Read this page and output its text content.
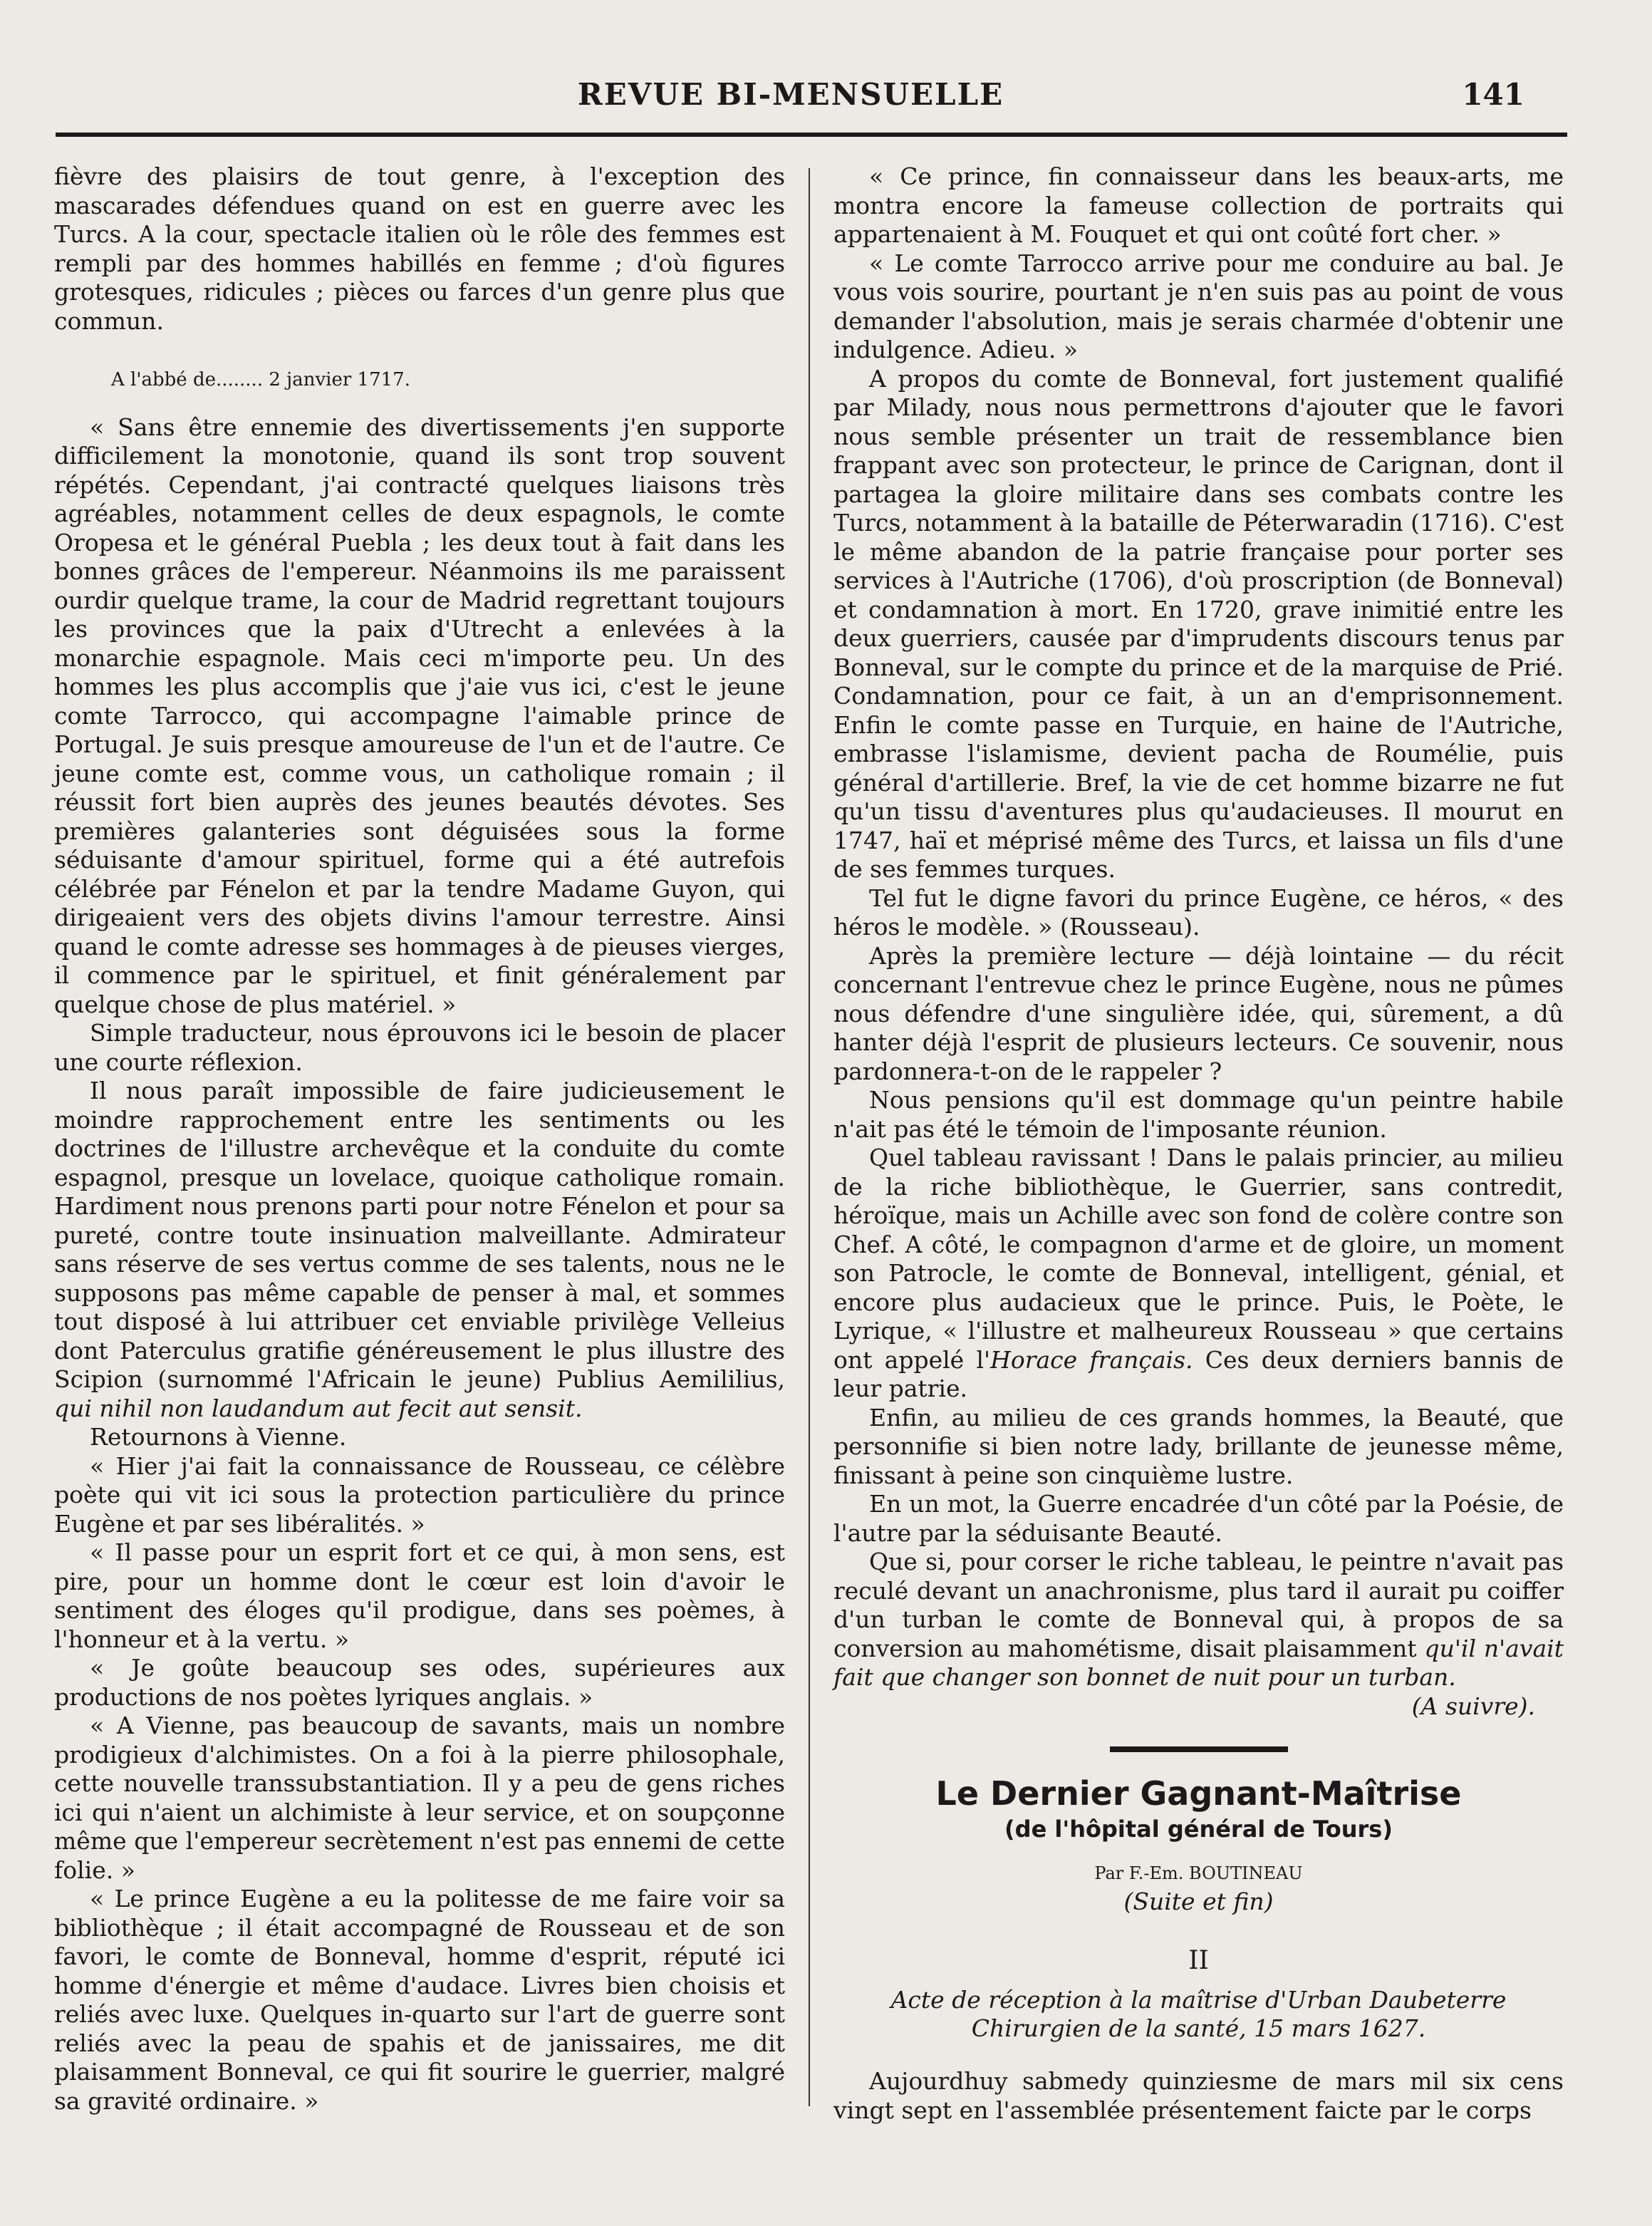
REVUE BI-MENSUELLE	141

fièvre des plaisirs de tout genre, à l'exception des mascarades défendues quand on est en guerre avec les Turcs. A la cour, spectacle italien où le rôle des femmes est rempli par des hommes habillés en femme ; d'où figures grotesques, ridicules ; pièces ou farces d'un genre plus que commun.

A l'abbé de........ 2 janvier 1717.

« Sans être ennemie des divertissements j'en supporte difficilement la monotonie, quand ils sont trop souvent répétés. Cependant, j'ai contracté quelques liaisons très agréables, notamment celles de deux espagnols, le comte Oropesa et le général Puebla ; les deux tout à fait dans les bonnes grâces de l'empereur. Néanmoins ils me paraissent ourdir quelque trame, la cour de Madrid regrettant toujours les provinces que la paix d'Utrecht a enlevées à la monarchie espagnole. Mais ceci m'importe peu. Un des hommes les plus accomplis que j'aie vus ici, c'est le jeune comte Tarrocco, qui accompagne l'aimable prince de Portugal. Je suis presque amoureuse de l'un et de l'autre. Ce jeune comte est, comme vous, un catholique romain ; il réussit fort bien auprès des jeunes beautés dévotes. Ses premières galanteries sont déguisées sous la forme séduisante d'amour spirituel, forme qui a été autrefois célébrée par Fénelon et par la tendre Madame Guyon, qui dirigeaient vers des objets divins l'amour terrestre. Ainsi quand le comte adresse ses hommages à de pieuses vierges, il commence par le spirituel, et finit généralement par quelque chose de plus matériel. »

Simple traducteur, nous éprouvons ici le besoin de placer une courte réflexion.

Il nous paraît impossible de faire judicieusement le moindre rapprochement entre les sentiments ou les doctrines de l'illustre archevêque et la conduite du comte espagnol, presque un lovelace, quoique catholique romain. Hardiment nous prenons parti pour notre Fénelon et pour sa pureté, contre toute insinuation malveillante. Admirateur sans réserve de ses vertus comme de ses talents, nous ne le supposons pas même capable de penser à mal, et sommes tout disposé à lui attribuer cet enviable privilège Velleius dont Paterculus gratifie généreusement le plus illustre des Scipion (surnommé l'Africain le jeune) Publius Aemililius, qui nihil non laudandum aut fecit aut sensit.

Retournons à Vienne.

« Hier j'ai fait la connaissance de Rousseau, ce célèbre poète qui vit ici sous la protection particulière du prince Eugène et par ses libéralités. »

« Il passe pour un esprit fort et ce qui, à mon sens, est pire, pour un homme dont le cœur est loin d'avoir le sentiment des éloges qu'il prodigue, dans ses poèmes, à l'honneur et à la vertu. »

« Je goûte beaucoup ses odes, supérieures aux productions de nos poètes lyriques anglais. »

« A Vienne, pas beaucoup de savants, mais un nombre prodigieux d'alchimistes. On a foi à la pierre philosophale, cette nouvelle transsubstantiation. Il y a peu de gens riches ici qui n'aient un alchimiste à leur service, et on soupçonne même que l'empereur secrètement n'est pas ennemi de cette folie. »

« Le prince Eugène a eu la politesse de me faire voir sa bibliothèque ; il était accompagné de Rousseau et de son favori, le comte de Bonneval, homme d'esprit, réputé ici homme d'énergie et même d'audace. Livres bien choisis et reliés avec luxe. Quelques in-quarto sur l'art de guerre sont reliés avec la peau de spahis et de janissaires, me dit plaisamment Bonneval, ce qui fit sourire le guerrier, malgré sa gravité ordinaire. »

« Ce prince, fin connaisseur dans les beaux-arts, me montra encore la fameuse collection de portraits qui appartenaient à M. Fouquet et qui ont coûté fort cher. »

« Le comte Tarrocco arrive pour me conduire au bal. Je vous vois sourire, pourtant je n'en suis pas au point de vous demander l'absolution, mais je serais charmée d'obtenir une indulgence. Adieu. »

A propos du comte de Bonneval, fort justement qualifié par Milady, nous nous permettrons d'ajouter que le favori nous semble présenter un trait de ressemblance bien frappant avec son protecteur, le prince de Carignan, dont il partagea la gloire militaire dans ses combats contre les Turcs, notamment à la bataille de Péterwaradin (1716). C'est le même abandon de la patrie française pour porter ses services à l'Autriche (1706), d'où proscription (de Bonneval) et condamnation à mort. En 1720, grave inimitié entre les deux guerriers, causée par d'imprudents discours tenus par Bonneval, sur le compte du prince et de la marquise de Prié. Condamnation, pour ce fait, à un an d'emprisonnement. Enfin le comte passe en Turquie, en haine de l'Autriche, embrasse l'islamisme, devient pacha de Roumélie, puis général d'artillerie. Bref, la vie de cet homme bizarre ne fut qu'un tissu d'aventures plus qu'audacieuses. Il mourut en 1747, haï et méprisé même des Turcs, et laissa un fils d'une de ses femmes turques.

Tel fut le digne favori du prince Eugène, ce héros, « des héros le modèle. » (Rousseau).

Après la première lecture — déjà lointaine — du récit concernant l'entrevue chez le prince Eugène, nous ne pûmes nous défendre d'une singulière idée, qui, sûrement, a dû hanter déjà l'esprit de plusieurs lecteurs. Ce souvenir, nous pardonnera-t-on de le rappeler ?

Nous pensions qu'il est dommage qu'un peintre habile n'ait pas été le témoin de l'imposante réunion.

Quel tableau ravissant ! Dans le palais princier, au milieu de la riche bibliothèque, le Guerrier, sans contredit, héroïque, mais un Achille avec son fond de colère contre son Chef. A côté, le compagnon d'arme et de gloire, un moment son Patrocle, le comte de Bonneval, intelligent, génial, et encore plus audacieux que le prince. Puis, le Poète, le Lyrique, « l'illustre et malheureux Rousseau » que certains ont appelé l'Horace français. Ces deux derniers bannis de leur patrie.

Enfin, au milieu de ces grands hommes, la Beauté, que personnifie si bien notre lady, brillante de jeunesse même, finissant à peine son cinquième lustre.

En un mot, la Guerre encadrée d'un côté par la Poésie, de l'autre par la séduisante Beauté.

Que si, pour corser le riche tableau, le peintre n'avait pas reculé devant un anachronisme, plus tard il aurait pu coiffer d'un turban le comte de Bonneval qui, à propos de sa conversion au mahométisme, disait plaisamment qu'il n'avait fait que changer son bonnet de nuit pour un turban.

(A suivre).

Le Dernier Gagnant-Maîtrise
(de l'hôpital général de Tours)
Par F.-Em. BOUTINEAU
(Suite et fin)
II
Acte de réception à la maîtrise d'Urban Daubeterre
Chirurgien de la santé, 15 mars 1627.

Aujourdhuy sabmedy quinziesme de mars mil six cens vingt sept en l'assemblée présentement faicte par le corps
